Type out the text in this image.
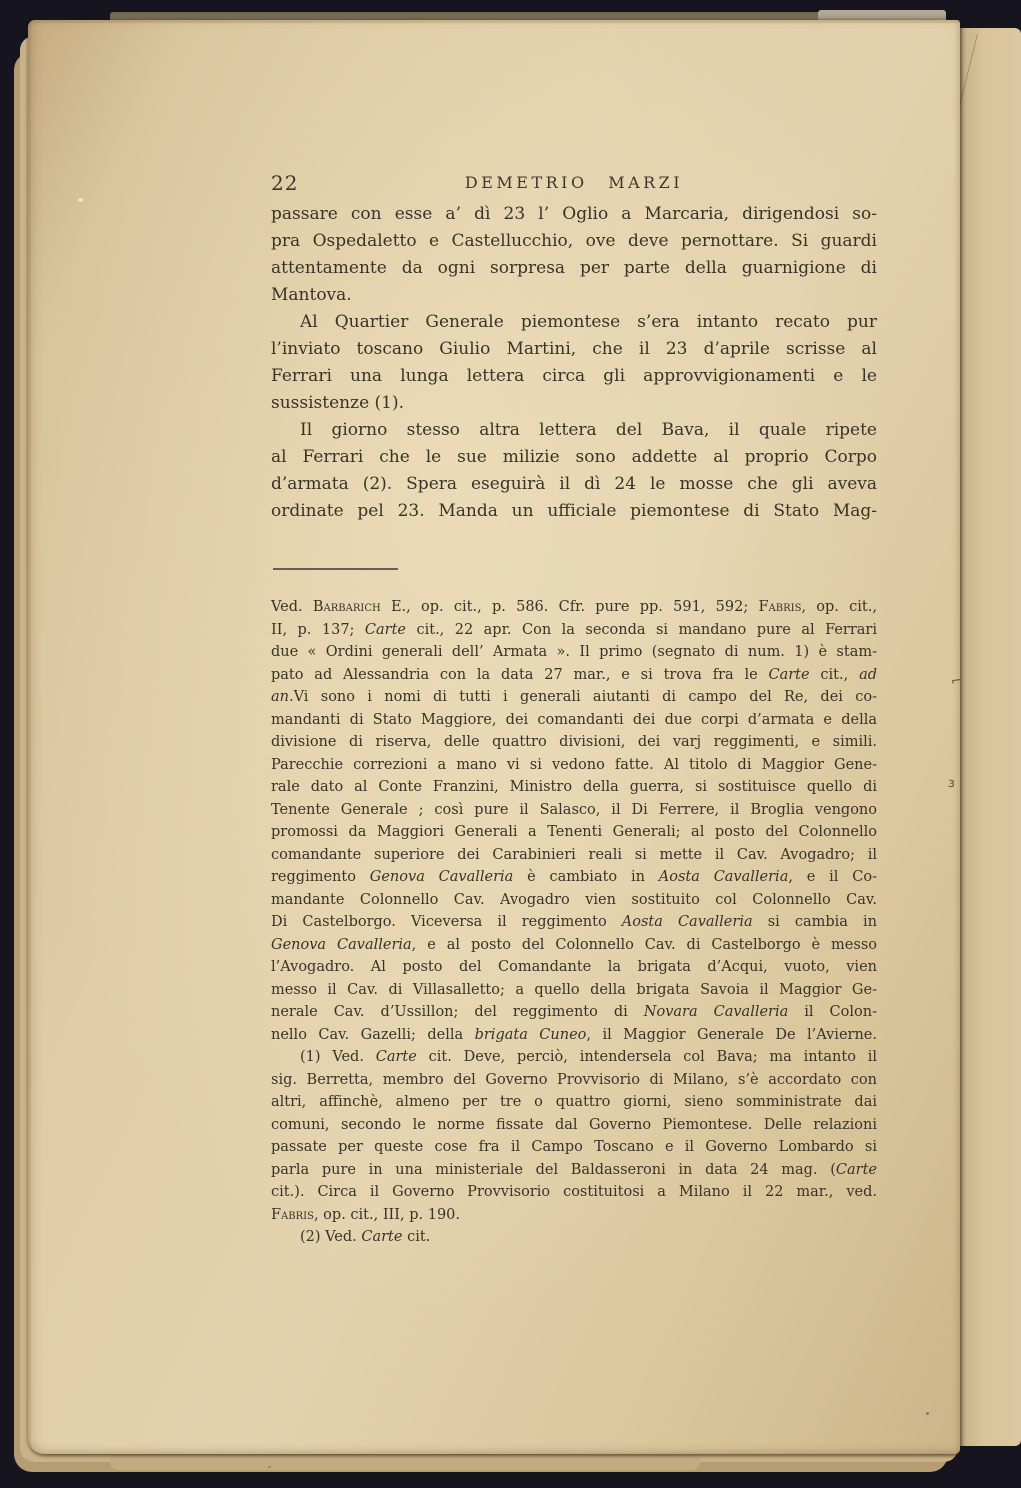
⌐
з
22	DEMETRIO MARZI
passare con esse a’ dì 23 l’ Oglio a Marcaria, dirigendosi so-
pra Ospedaletto e Castellucchio, ove deve pernottare. Si guardi
attentamente da ogni sorpresa per parte della guarnigione di
Mantova.
Al Quartier Generale piemontese s’era intanto recato pur
l’inviato toscano Giulio Martini, che il 23 d’aprile scrisse al
Ferrari una lunga lettera circa gli approvvigionamenti e le
sussistenze (1).
Il giorno stesso altra lettera del Bava, il quale ripete
al Ferrari che le sue milizie sono addette al proprio Corpo
d’armata (2). Spera eseguirà il dì 24 le mosse che gli aveva
ordinate pel 23. Manda un ufficiale piemontese di Stato Mag-
Ved. Barbarich E., op. cit., p. 586. Cfr. pure pp. 591, 592; Fabris, op. cit.,
II, p. 137; Carte cit., 22 apr. Con la seconda si mandano pure al Ferrari
due « Ordini generali dell’ Armata ». Il primo (segnato di num. 1) è stam-
pato ad Alessandria con la data 27 mar., e si trova fra le Carte cit., ad
an.Vi sono i nomi di tutti i generali aiutanti di campo del Re, dei co-
mandanti di Stato Maggiore, dei comandanti dei due corpi d’armata e della
divisione di riserva, delle quattro divisioni, dei varj reggimenti, e simili.
Parecchie correzioni a mano vi si vedono fatte. Al titolo di Maggior Gene-
rale dato al Conte Franzini, Ministro della guerra, si sostituisce quello di
Tenente Generale ; così pure il Salasco, il Di Ferrere, il Broglia vengono
promossi da Maggiori Generali a Tenenti Generali; al posto del Colonnello
comandante superiore dei Carabinieri reali si mette il Cav. Avogadro; il
reggimento Genova Cavalleria è cambiato in Aosta Cavalleria, e il Co-
mandante Colonnello Cav. Avogadro vien sostituito col Colonnello Cav.
Di Castelborgo. Viceversa il reggimento Aosta Cavalleria si cambia in
Genova Cavalleria, e al posto del Colonnello Cav. di Castelborgo è messo
l’Avogadro. Al posto del Comandante la brigata d’Acqui, vuoto, vien
messo il Cav. di Villasalletto; a quello della brigata Savoia il Maggior Ge-
nerale Cav. d’Ussillon; del reggimento di Novara Cavalleria il Colon-
nello Cav. Gazelli; della brigata Cuneo, il Maggior Generale De l’Avierne.
(1) Ved. Carte cit. Deve, perciò, intendersela col Bava; ma intanto il
sig. Berretta, membro del Governo Provvisorio di Milano, s’è accordato con
altri, affinchè, almeno per tre o quattro giorni, sieno somministrate dai
comuni, secondo le norme fissate dal Governo Piemontese. Delle relazioni
passate per queste cose fra il Campo Toscano e il Governo Lombardo si
parla pure in una ministeriale del Baldasseroni in data 24 mag. (Carte
cit.). Circa il Governo Provvisorio costituitosi a Milano il 22 mar., ved.
Fabris, op. cit., III, p. 190.
(2) Ved. Carte cit.
